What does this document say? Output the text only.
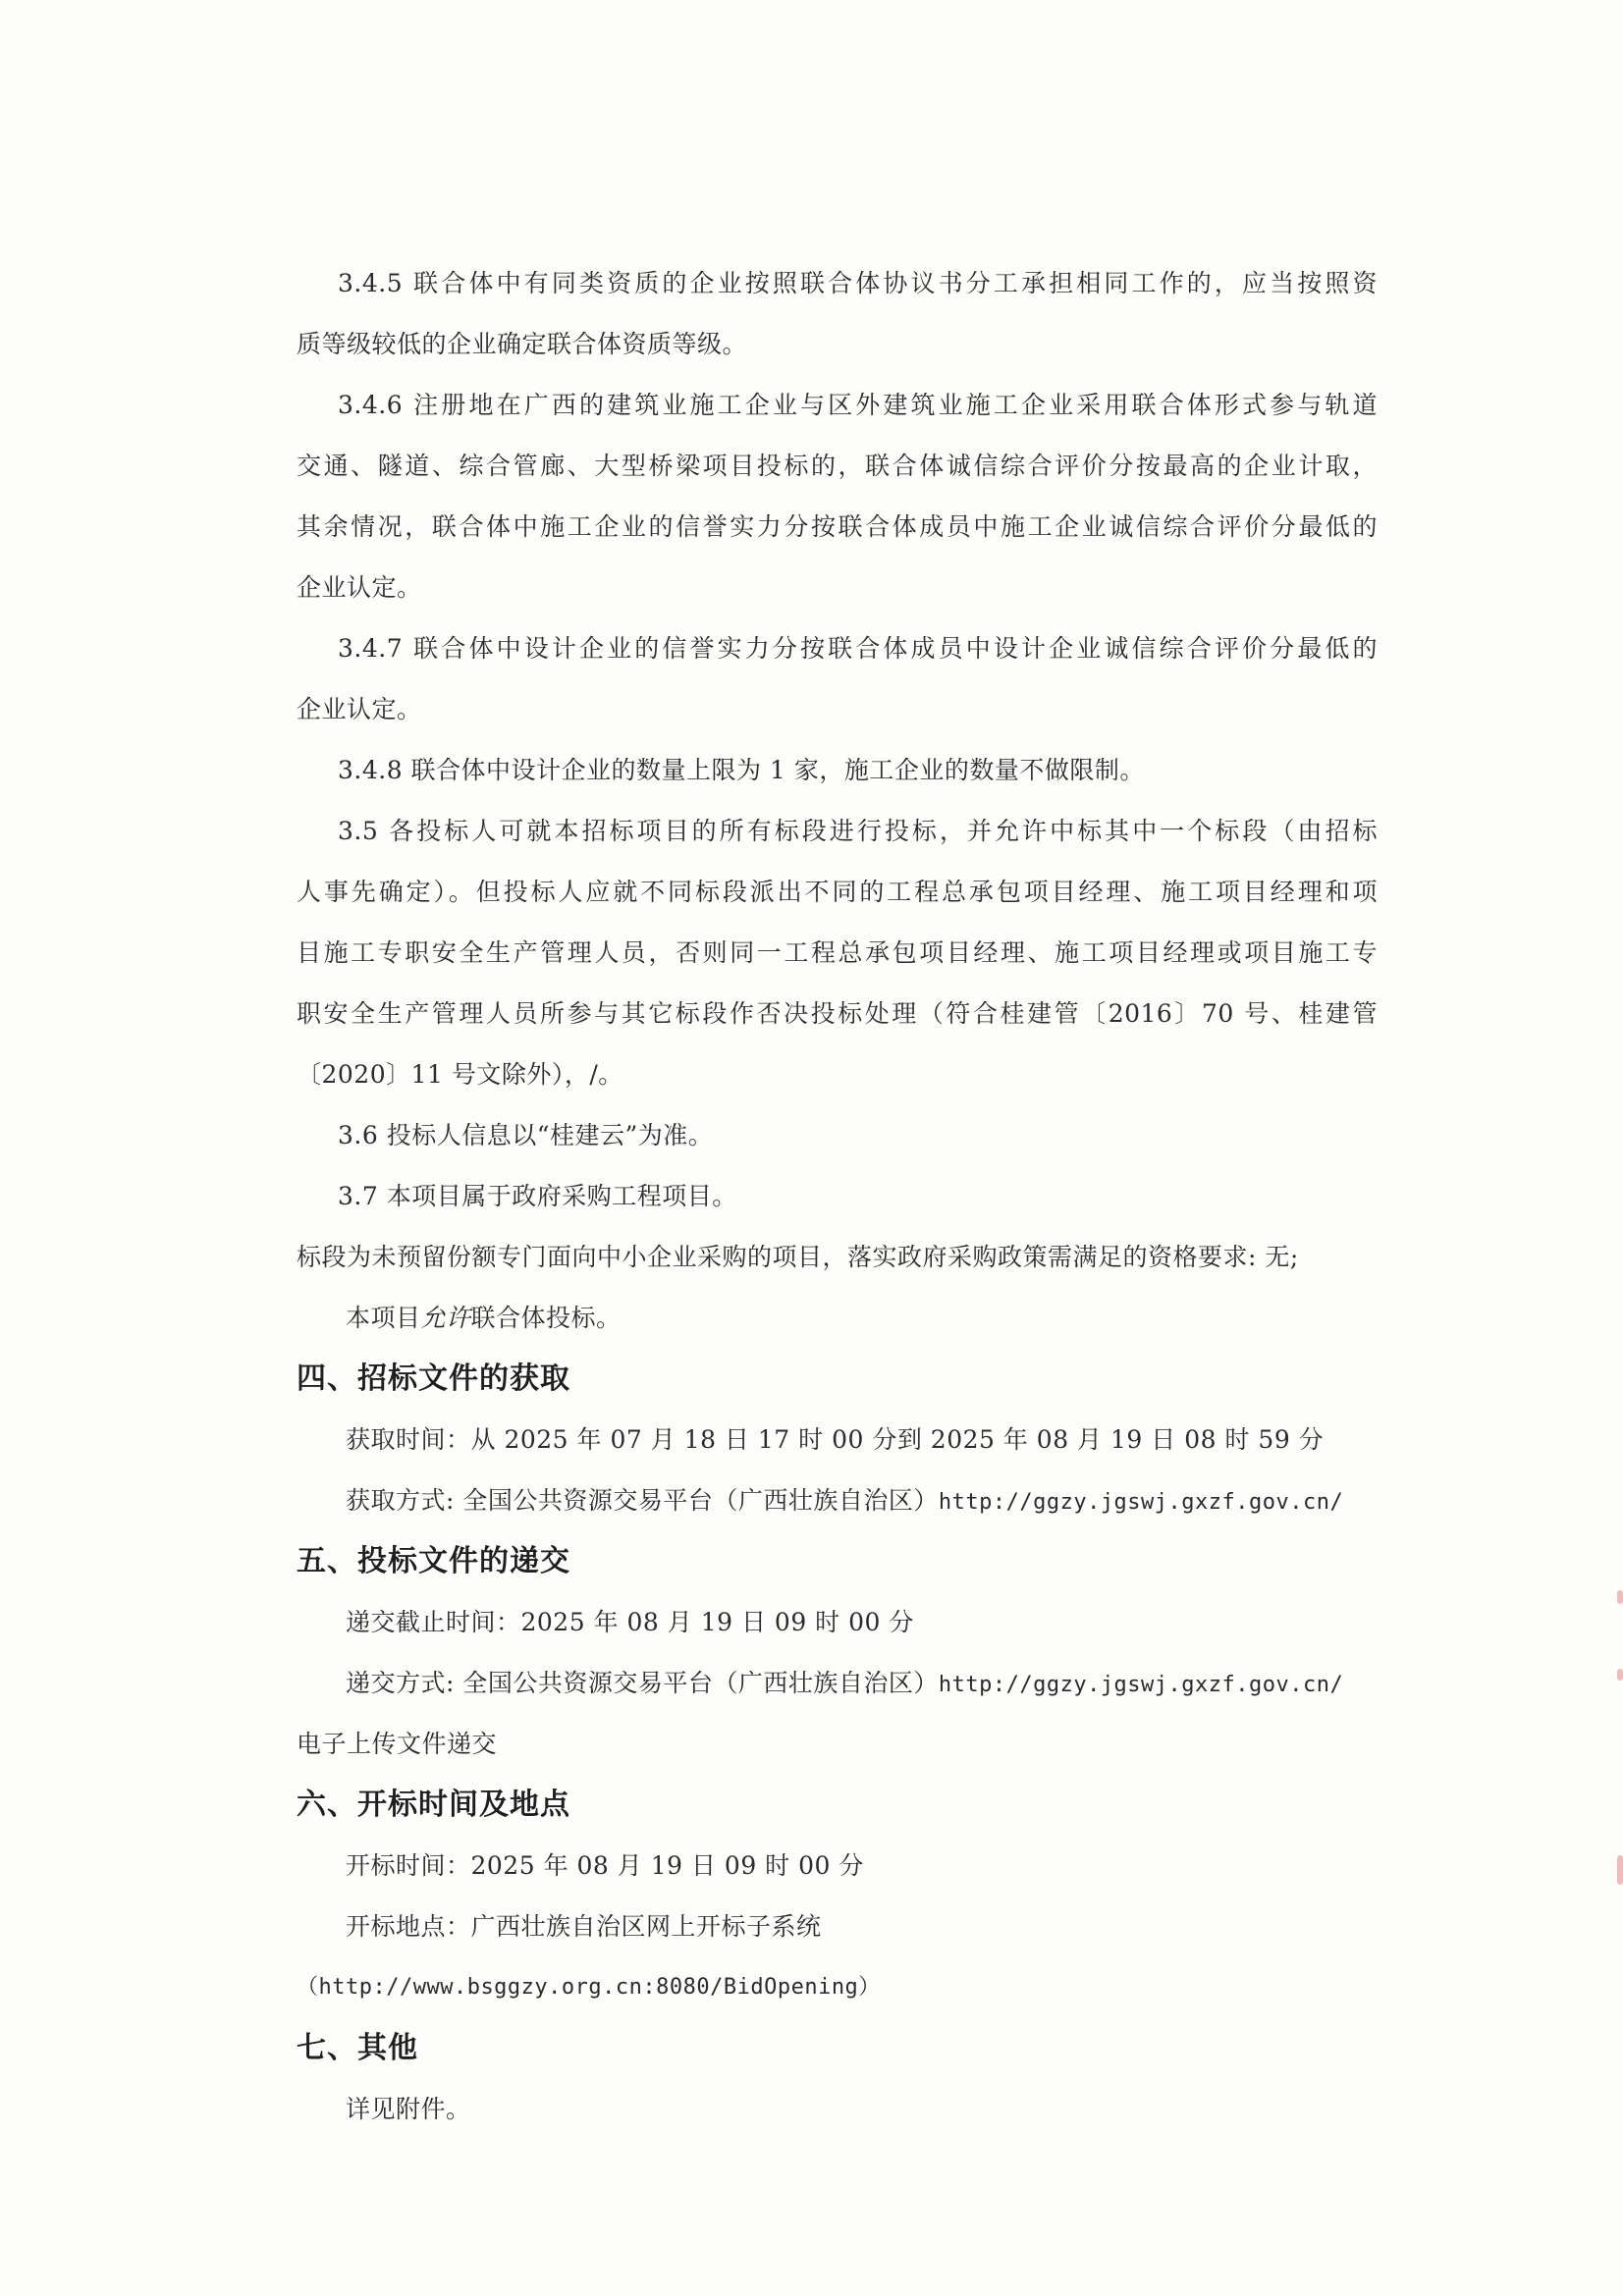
3.4.5 联合体中有同类资质的企业按照联合体协议书分工承担相同工作的，应当按照资
质等级较低的企业确定联合体资质等级。
3.4.6 注册地在广西的建筑业施工企业与区外建筑业施工企业采用联合体形式参与轨道
交通、隧道、综合管廊、大型桥梁项目投标的，联合体诚信综合评价分按最高的企业计取，
其余情况，联合体中施工企业的信誉实力分按联合体成员中施工企业诚信综合评价分最低的
企业认定。
3.4.7 联合体中设计企业的信誉实力分按联合体成员中设计企业诚信综合评价分最低的
企业认定。
3.4.8 联合体中设计企业的数量上限为 1 家，施工企业的数量不做限制。
3.5 各投标人可就本招标项目的所有标段进行投标，并允许中标其中一个标段（由招标
人事先确定）。但投标人应就不同标段派出不同的工程总承包项目经理、施工项目经理和项
目施工专职安全生产管理人员，否则同一工程总承包项目经理、施工项目经理或项目施工专
职安全生产管理人员所参与其它标段作否决投标处理（符合桂建管〔2016〕70 号、桂建管
〔2020〕11 号文除外），/。
3.6 投标人信息以“桂建云”为准。
3.7 本项目属于政府采购工程项目。
标段为未预留份额专门面向中小企业采购的项目，落实政府采购政策需满足的资格要求: 无;
本项目允许联合体投标。
四、招标文件的获取
获取时间：从 2025 年 07 月 18 日 17 时 00 分到 2025 年 08 月 19 日 08 时 59 分
获取方式: 全国公共资源交易平台（广西壮族自治区）http://ggzy.jgswj.gxzf.gov.cn/
五、投标文件的递交
递交截止时间：2025 年 08 月 19 日 09 时 00 分
递交方式: 全国公共资源交易平台（广西壮族自治区）http://ggzy.jgswj.gxzf.gov.cn/
电子上传文件递交
六、开标时间及地点
开标时间：2025 年 08 月 19 日 09 时 00 分
开标地点：广西壮族自治区网上开标子系统
（http://www.bsggzy.org.cn:8080/BidOpening）
七、其他
详见附件。
